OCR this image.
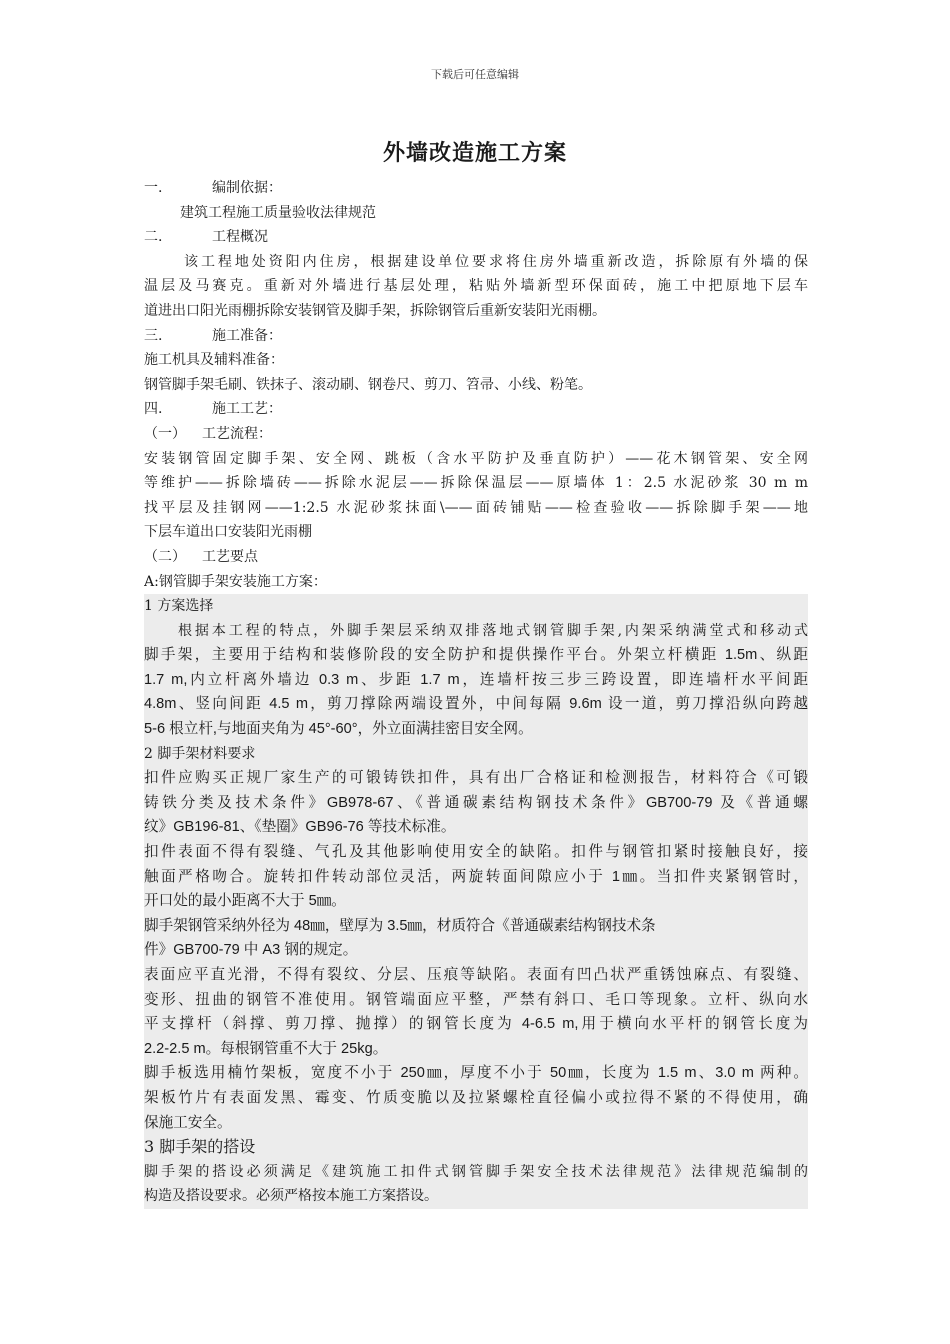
下载后可任意编辑
外墙改造施工方案
一.	编制依据：
建筑工程施工质量验收法律规范
二.	工程概况
该工程地处资阳内住房，根据建设单位要求将住房外墙重新改造，拆除原有外墙的保
温层及马赛克。重新对外墙进行基层处理，粘贴外墙新型环保面砖，施工中把原地下层车
道进出口阳光雨棚拆除安装钢管及脚手架，拆除钢管后重新安装阳光雨棚。
三.	施工准备：
施工机具及辅料准备：
钢管脚手架毛刷、铁抹子、滚动刷、钢卷尺、剪刀、笤帚、小线、粉笔。
四.	施工工艺：
（一） 工艺流程：
安装钢管固定脚手架、安全网、跳板（含水平防护及垂直防护）——花木钢管架、安全网
等维护——拆除墙砖——拆除水泥层——拆除保温层——原墙体 1：2.5 水泥砂浆 30 m m
找平层及挂钢网——1:2.5 水泥砂浆抹面\——面砖铺贴——检查验收——拆除脚手架——地
下层车道出口安装阳光雨棚
（二） 工艺要点
A:钢管脚手架安装施工方案：
1 方案选择
根据本工程的特点，外脚手架层采纳双排落地式钢管脚手架,内架采纳满堂式和移动式
脚手架，主要用于结构和装修阶段的安全防护和提供操作平台。外架立杆横距 1.5m、纵距
1.7 m,内立杆离外墙边 0.3 m、步距 1.7 m，连墙杆按三步三跨设置，即连墙杆水平间距
4.8m、竖向间距 4.5 m，剪刀撑除两端设置外，中间每隔 9.6m 设一道，剪刀撑沿纵向跨越
5-6 根立杆,与地面夹角为 45°-60°，外立面满挂密目安全网。
2 脚手架材料要求
扣件应购买正规厂家生产的可锻铸铁扣件，具有出厂合格证和检测报告，材料符合《可锻
铸铁分类及技术条件》GB978-67、《普通碳素结构钢技术条件》GB700-79 及《普通螺
纹》GB196-81、《垫圈》GB96-76 等技术标准。
扣件表面不得有裂缝、气孔及其他影响使用安全的缺陷。扣件与钢管扣紧时接触良好，接
触面严格吻合。旋转扣件转动部位灵活，两旋转面间隙应小于 1㎜。当扣件夹紧钢管时，
开口处的最小距离不大于 5㎜。
脚手架钢管采纳外径为 48㎜，壁厚为 3.5㎜，材质符合《普通碳素结构钢技术条
件》GB700-79 中 A3 钢的规定。
表面应平直光滑，不得有裂纹、分层、压痕等缺陷。表面有凹凸状严重锈蚀麻点、有裂缝、
变形、扭曲的钢管不准使用。钢管端面应平整，严禁有斜口、毛口等现象。立杆、纵向水
平支撑杆（斜撑、剪刀撑、抛撑）的钢管长度为 4-6.5 m,用于横向水平杆的钢管长度为
2.2-2.5 m。每根钢管重不大于 25kg。
脚手板选用楠竹架板，宽度不小于 250㎜，厚度不小于 50㎜，长度为 1.5 m、3.0 m 两种。
架板竹片有表面发黑、霉变、竹质变脆以及拉紧螺栓直径偏小或拉得不紧的不得使用，确
保施工安全。
3 脚手架的搭设
脚手架的搭设必须满足《建筑施工扣件式钢管脚手架安全技术法律规范》法律规范编制的
构造及搭设要求。必须严格按本施工方案搭设。
